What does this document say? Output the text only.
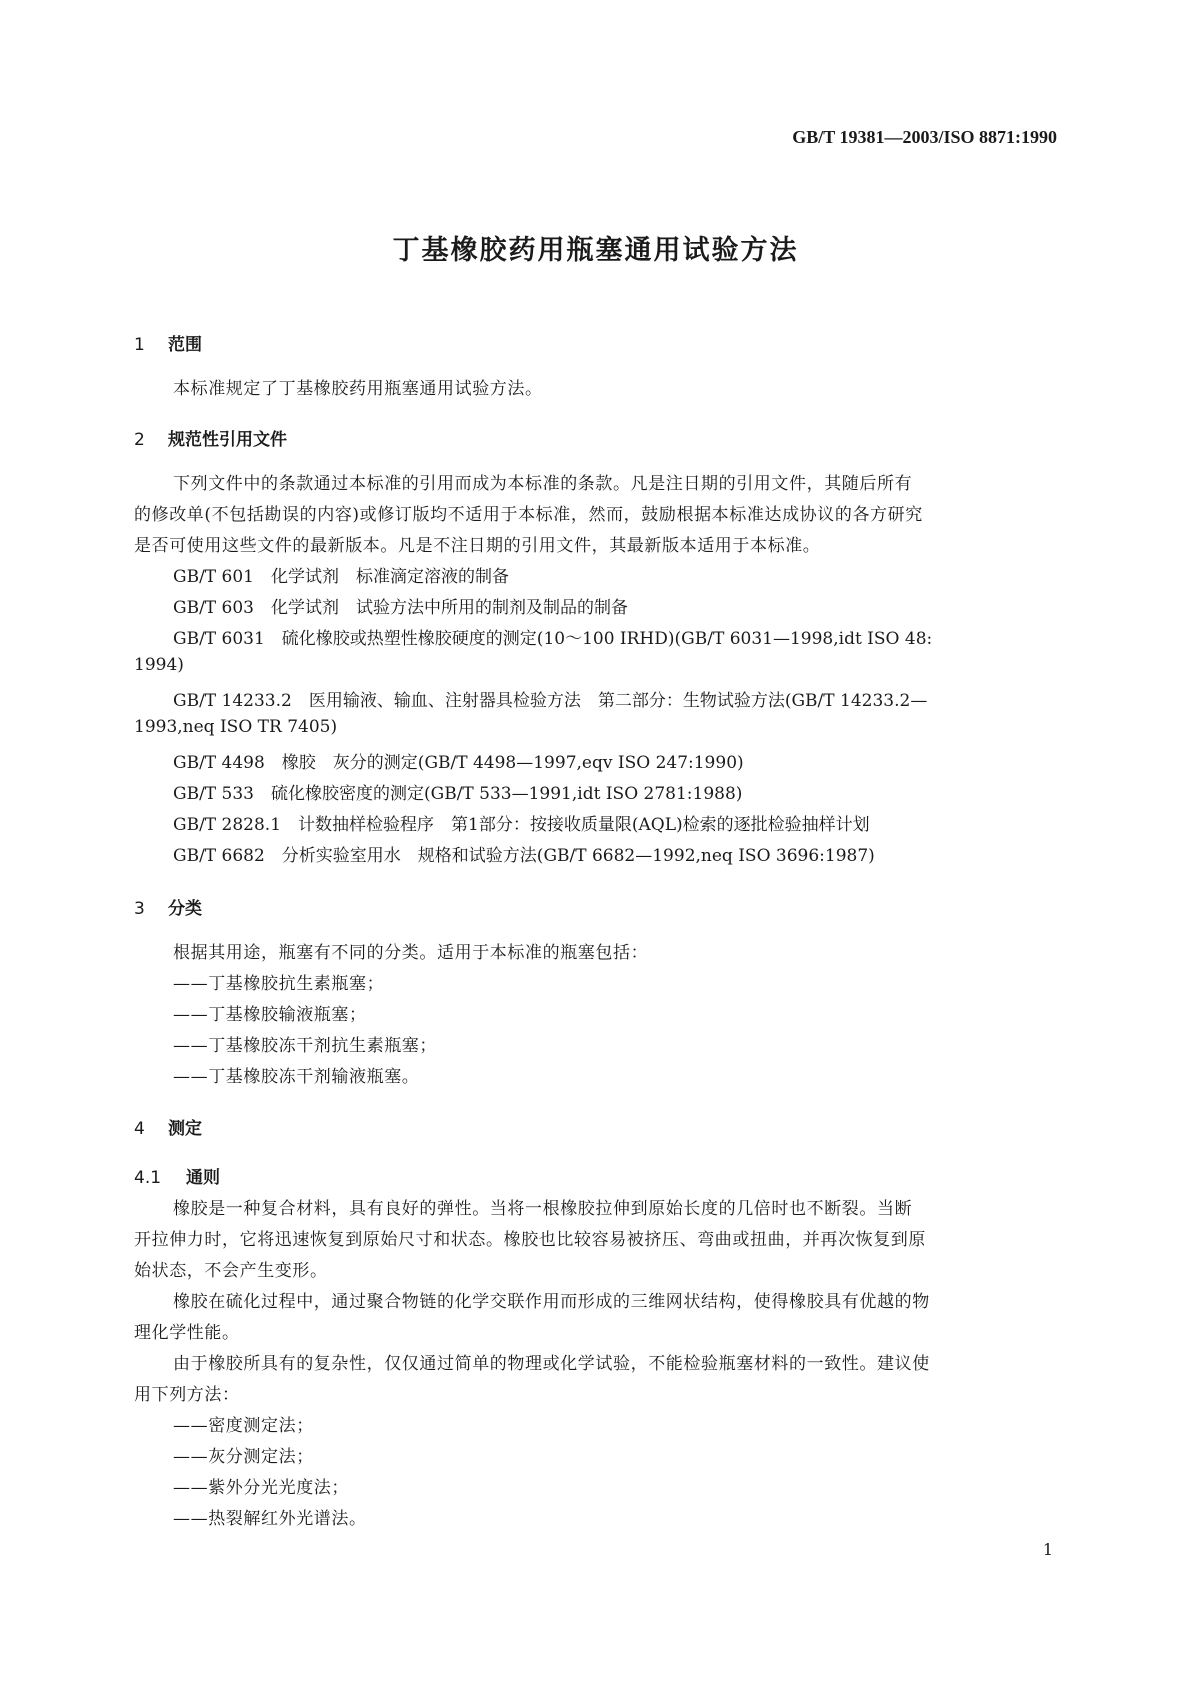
GB/T 19381—2003/ISO 8871:1990
丁基橡胶药用瓶塞通用试验方法
1 范围
本标准规定了丁基橡胶药用瓶塞通用试验方法。
2 规范性引用文件
下列文件中的条款通过本标准的引用而成为本标准的条款。凡是注日期的引用文件，其随后所有
的修改单(不包括勘误的内容)或修订版均不适用于本标准，然而，鼓励根据本标准达成协议的各方研究
是否可使用这些文件的最新版本。凡是不注日期的引用文件，其最新版本适用于本标准。
GB/T 601　化学试剂　标准滴定溶液的制备
GB/T 603　化学试剂　试验方法中所用的制剂及制品的制备
GB/T 6031　硫化橡胶或热塑性橡胶硬度的测定(10～100 IRHD)(GB/T 6031—1998,idt ISO 48:
1994)
GB/T 14233.2　医用输液、输血、注射器具检验方法　第二部分：生物试验方法(GB/T 14233.2—
1993,neq ISO TR 7405)
GB/T 4498　橡胶　灰分的测定(GB/T 4498—1997,eqv ISO 247:1990)
GB/T 533　硫化橡胶密度的测定(GB/T 533—1991,idt ISO 2781:1988)
GB/T 2828.1　计数抽样检验程序　第1部分：按接收质量限(AQL)检索的逐批检验抽样计划
GB/T 6682　分析实验室用水　规格和试验方法(GB/T 6682—1992,neq ISO 3696:1987)
3 分类
根据其用途，瓶塞有不同的分类。适用于本标准的瓶塞包括：
——丁基橡胶抗生素瓶塞；
——丁基橡胶输液瓶塞；
——丁基橡胶冻干剂抗生素瓶塞；
——丁基橡胶冻干剂输液瓶塞。
4 测定
4.1 通则
橡胶是一种复合材料，具有良好的弹性。当将一根橡胶拉伸到原始长度的几倍时也不断裂。当断
开拉伸力时，它将迅速恢复到原始尺寸和状态。橡胶也比较容易被挤压、弯曲或扭曲，并再次恢复到原
始状态，不会产生变形。
橡胶在硫化过程中，通过聚合物链的化学交联作用而形成的三维网状结构，使得橡胶具有优越的物
理化学性能。
由于橡胶所具有的复杂性，仅仅通过简单的物理或化学试验，不能检验瓶塞材料的一致性。建议使
用下列方法：
——密度测定法；
——灰分测定法；
——紫外分光光度法；
——热裂解红外光谱法。
1
